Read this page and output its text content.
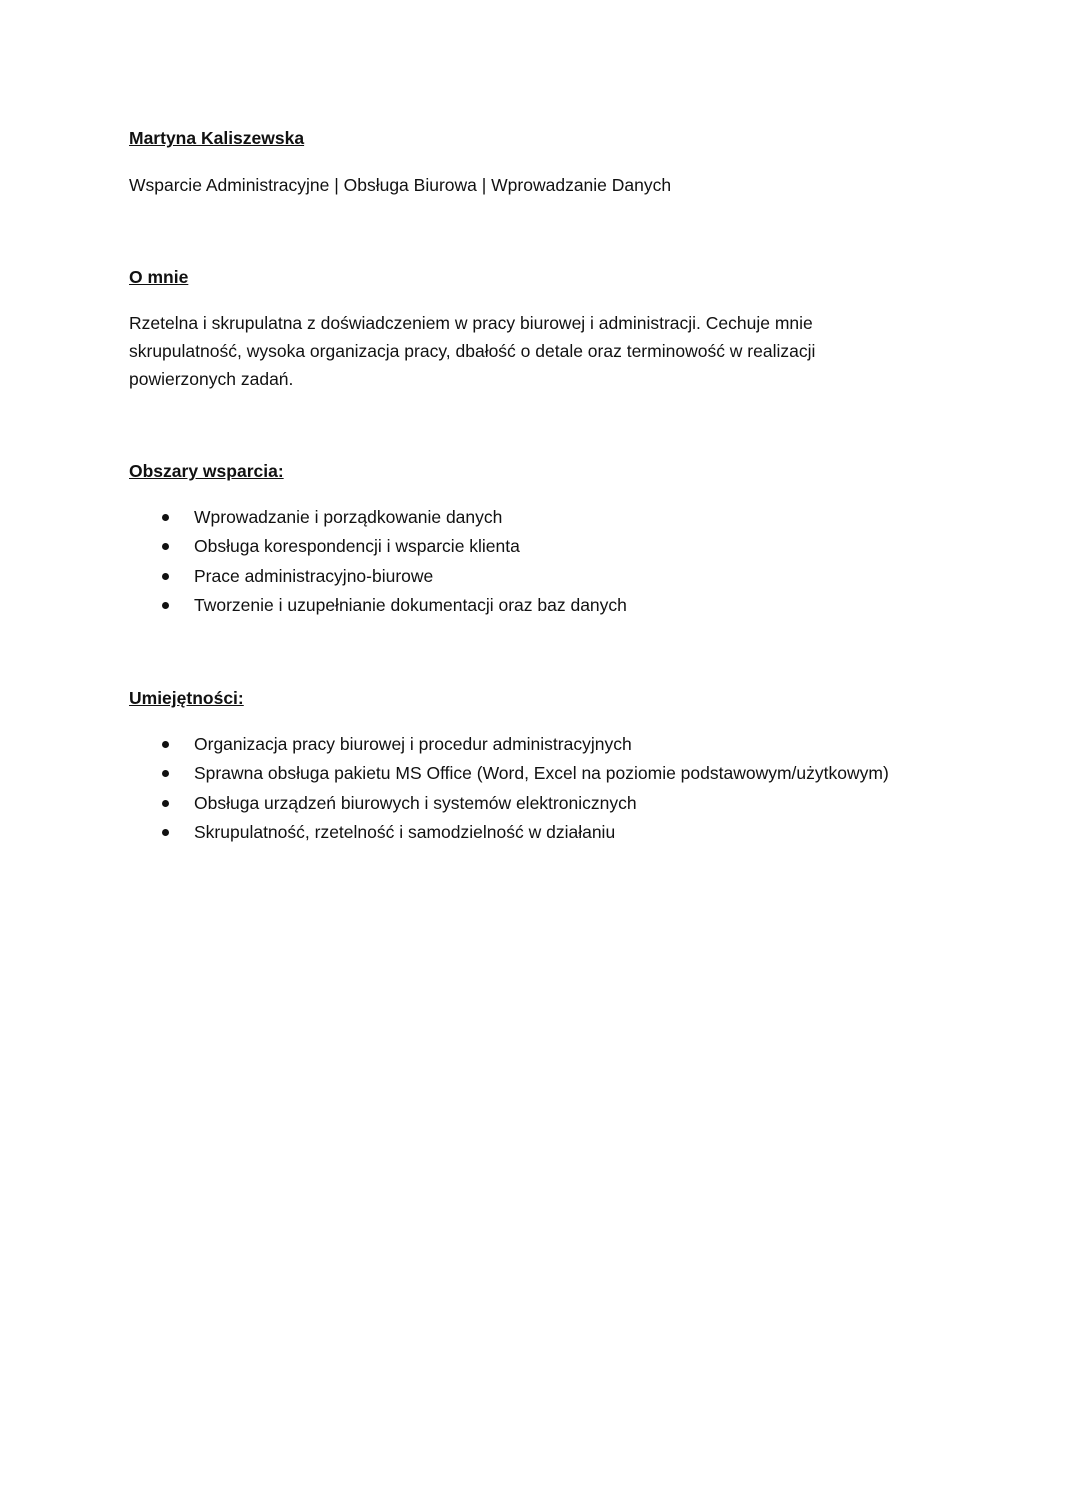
Martyna Kaliszewska
Wsparcie Administracyjne | Obsługa Biurowa | Wprowadzanie Danych
O mnie
Rzetelna i skrupulatna z doświadczeniem w pracy biurowej i administracji. Cechuje mnie
skrupulatność, wysoka organizacja pracy, dbałość o detale oraz terminowość w realizacji
powierzonych zadań.
Obszary wsparcia:
Wprowadzanie i porządkowanie danych
Obsługa korespondencji i wsparcie klienta
Prace administracyjno-biurowe
Tworzenie i uzupełnianie dokumentacji oraz baz danych
Umiejętności:
Organizacja pracy biurowej i procedur administracyjnych
Sprawna obsługa pakietu MS Office (Word, Excel na poziomie podstawowym/użytkowym)
Obsługa urządzeń biurowych i systemów elektronicznych
Skrupulatność, rzetelność i samodzielność w działaniu
